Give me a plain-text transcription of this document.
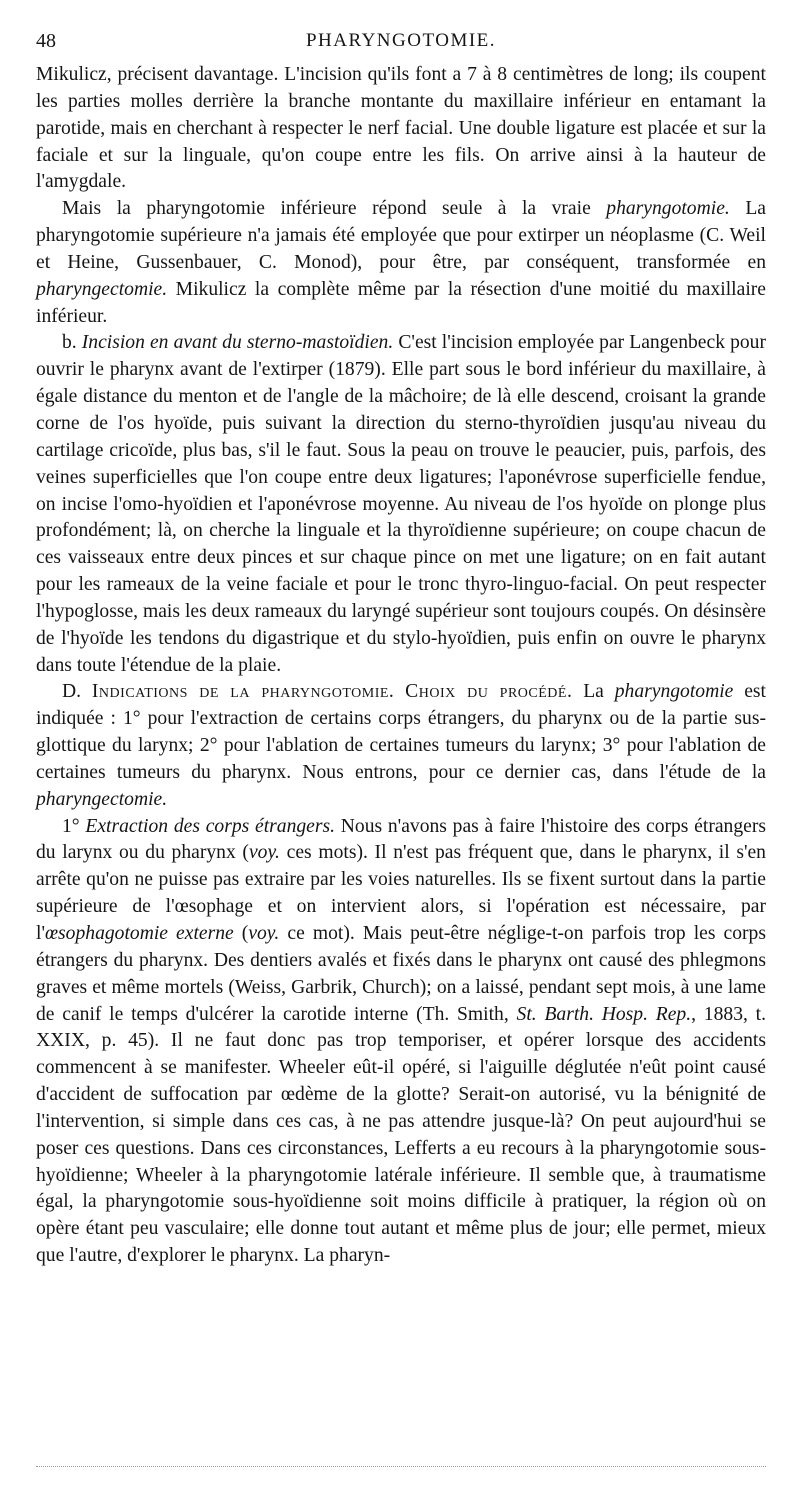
48	PHARYNGOTOMIE.

Mikulicz, précisent davantage. L'incision qu'ils font a 7 à 8 centimètres de long; ils coupent les parties molles derrière la branche montante du maxillaire inférieur en entamant la parotide, mais en cherchant à respecter le nerf facial. Une double ligature est placée et sur la faciale et sur la linguale, qu'on coupe entre les fils. On arrive ainsi à la hauteur de l'amygdale.

Mais la pharyngotomie inférieure répond seule à la vraie pharyngotomie. La pharyngotomie supérieure n'a jamais été employée que pour extirper un néoplasme (C. Weil et Heine, Gussenbauer, C. Monod), pour être, par conséquent, transformée en pharyngectomie. Mikulicz la complète même par la résection d'une moitié du maxillaire inférieur.

b. Incision en avant du sterno-mastoïdien. C'est l'incision employée par Langenbeck pour ouvrir le pharynx avant de l'extirper (1879). Elle part sous le bord inférieur du maxillaire, à égale distance du menton et de l'angle de la mâchoire; de là elle descend, croisant la grande corne de l'os hyoïde, puis suivant la direction du sterno-thyroïdien jusqu'au niveau du cartilage cricoïde, plus bas, s'il le faut. Sous la peau on trouve le peaucier, puis, parfois, des veines superficielles que l'on coupe entre deux ligatures; l'aponévrose superficielle fendue, on incise l'omo-hyoïdien et l'aponévrose moyenne. Au niveau de l'os hyoïde on plonge plus profondément; là, on cherche la linguale et la thyroïdienne supérieure; on coupe chacun de ces vaisseaux entre deux pinces et sur chaque pince on met une ligature; on en fait autant pour les rameaux de la veine faciale et pour le tronc thyro-linguo-facial. On peut respecter l'hypoglosse, mais les deux rameaux du laryngé supérieur sont toujours coupés. On désinsère de l'hyoïde les tendons du digastrique et du stylo-hyoïdien, puis enfin on ouvre le pharynx dans toute l'étendue de la plaie.

D. Indications de la pharyngotomie. Choix du procédé. La pharyngotomie est indiquée : 1° pour l'extraction de certains corps étrangers, du pharynx ou de la partie sus-glottique du larynx; 2° pour l'ablation de certaines tumeurs du larynx; 3° pour l'ablation de certaines tumeurs du pharynx. Nous entrons, pour ce dernier cas, dans l'étude de la pharyngectomie.

1° Extraction des corps étrangers. Nous n'avons pas à faire l'histoire des corps étrangers du larynx ou du pharynx (voy. ces mots). Il n'est pas fréquent que, dans le pharynx, il s'en arrête qu'on ne puisse pas extraire par les voies naturelles. Ils se fixent surtout dans la partie supérieure de l'œsophage et on intervient alors, si l'opération est nécessaire, par l'œsophagotomie externe (voy. ce mot). Mais peut-être néglige-t-on parfois trop les corps étrangers du pharynx. Des dentiers avalés et fixés dans le pharynx ont causé des phlegmons graves et même mortels (Weiss, Garbrik, Church); on a laissé, pendant sept mois, à une lame de canif le temps d'ulcérer la carotide interne (Th. Smith, St. Barth. Hosp. Rep., 1883, t. XXIX, p. 45). Il ne faut donc pas trop temporiser, et opérer lorsque des accidents commencent à se manifester. Wheeler eût-il opéré, si l'aiguille déglutée n'eût point causé d'accident de suffocation par œdème de la glotte? Serait-on autorisé, vu la bénignité de l'intervention, si simple dans ces cas, à ne pas attendre jusque-là? On peut aujourd'hui se poser ces questions. Dans ces circonstances, Lefferts a eu recours à la pharyngotomie sous-hyoïdienne; Wheeler à la pharyngotomie latérale inférieure. Il semble que, à traumatisme égal, la pharyngotomie sous-hyoïdienne soit moins difficile à pratiquer, la région où on opère étant peu vasculaire; elle donne tout autant et même plus de jour; elle permet, mieux que l'autre, d'explorer le pharynx. La pharyn-
